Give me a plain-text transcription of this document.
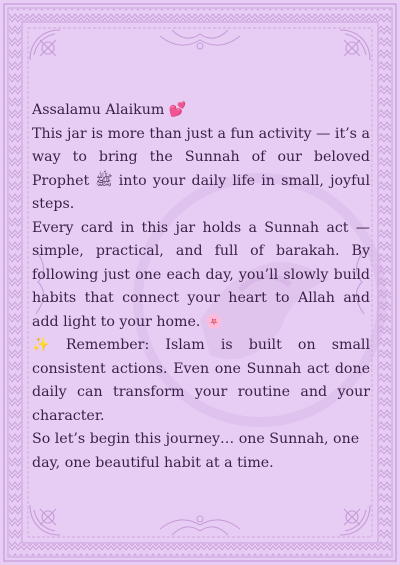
Assalamu Alaikum 💕

This jar is more than just a fun activity — it’s a way to bring the Sunnah of our beloved Prophet ﷺ into your daily life in small, joyful steps.

Every card in this jar holds a Sunnah act — simple, practical, and full of barakah. By following just one each day, you’ll slowly build habits that connect your heart to Allah and add light to your home. 🌸

✨ Remember: Islam is built on small consistent actions. Even one Sunnah act done daily can transform your routine and your character.

So let’s begin this journey… one Sunnah, one day, one beautiful habit at a time.
